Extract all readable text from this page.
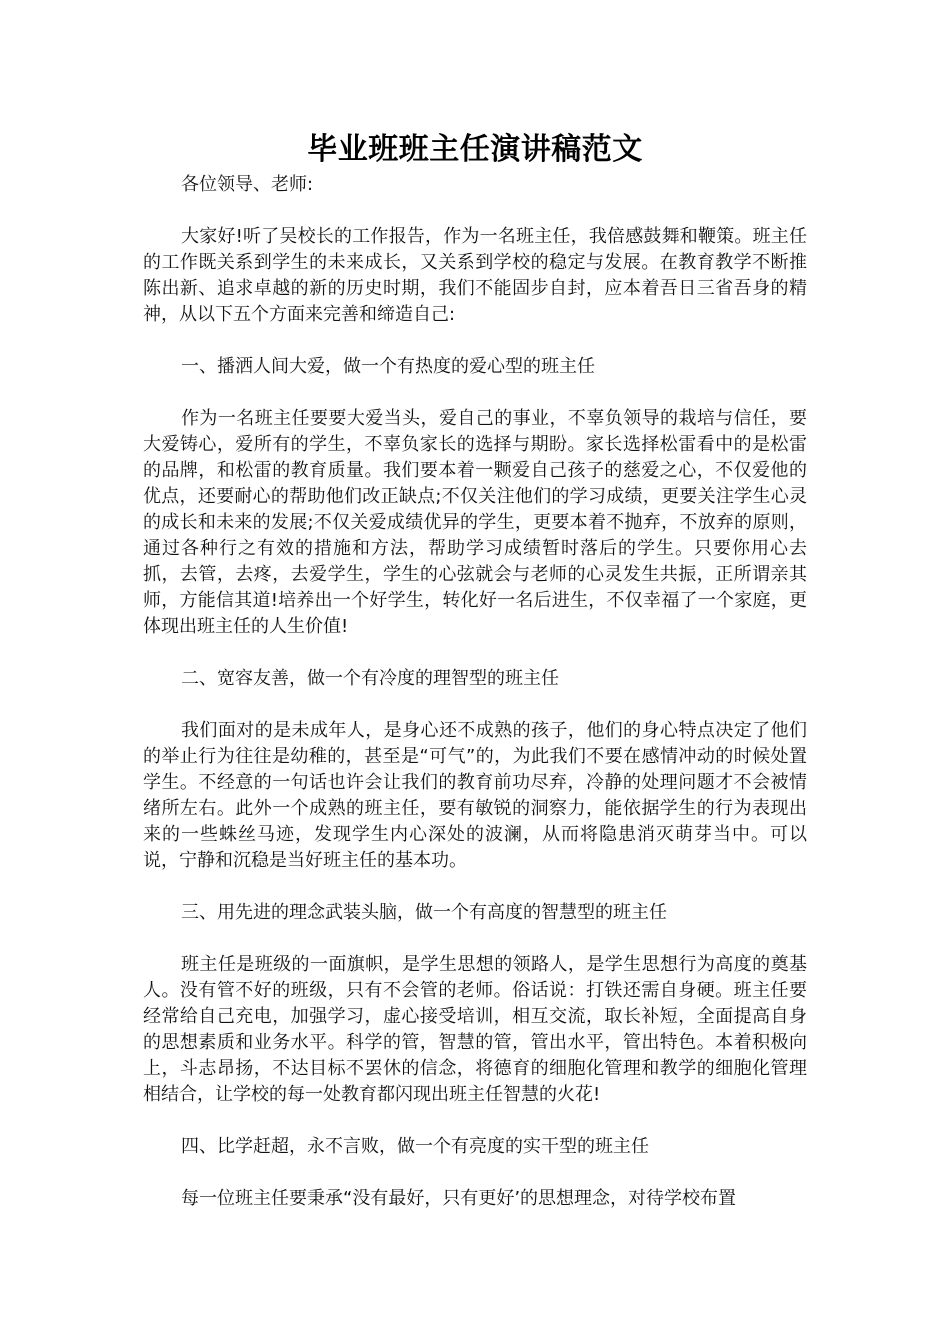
毕业班班主任演讲稿范文

各位领导、老师:

大家好!听了吴校长的工作报告，作为一名班主任，我倍感鼓舞和鞭策。班主任的工作既关系到学生的未来成长，又关系到学校的稳定与发展。在教育教学不断推陈出新、追求卓越的新的历史时期，我们不能固步自封，应本着吾日三省吾身的精神，从以下五个方面来完善和缔造自己:

一、播洒人间大爱，做一个有热度的爱心型的班主任

作为一名班主任要要大爱当头，爱自己的事业，不辜负领导的栽培与信任，要大爱铸心，爱所有的学生，不辜负家长的选择与期盼。家长选择松雷看中的是松雷的品牌，和松雷的教育质量。我们要本着一颗爱自己孩子的慈爱之心，不仅爱他的优点，还要耐心的帮助他们改正缺点;不仅关注他们的学习成绩，更要关注学生心灵的成长和未来的发展;不仅关爱成绩优异的学生，更要本着不抛弃，不放弃的原则，通过各种行之有效的措施和方法，帮助学习成绩暂时落后的学生。只要你用心去抓，去管，去疼，去爱学生，学生的心弦就会与老师的心灵发生共振，正所谓亲其师，方能信其道!培养出一个好学生，转化好一名后进生，不仅幸福了一个家庭，更体现出班主任的人生价值!

二、宽容友善，做一个有冷度的理智型的班主任

我们面对的是未成年人，是身心还不成熟的孩子，他们的身心特点决定了他们的举止行为往往是幼稚的，甚至是“可气”的，为此我们不要在感情冲动的时候处置学生。不经意的一句话也许会让我们的教育前功尽弃，冷静的处理问题才不会被情绪所左右。此外一个成熟的班主任，要有敏锐的洞察力，能依据学生的行为表现出来的一些蛛丝马迹，发现学生内心深处的波澜，从而将隐患消灭萌芽当中。可以说，宁静和沉稳是当好班主任的基本功。

三、用先进的理念武装头脑，做一个有高度的智慧型的班主任

班主任是班级的一面旗帜，是学生思想的领路人，是学生思想行为高度的奠基人。没有管不好的班级，只有不会管的老师。俗话说：打铁还需自身硬。班主任要经常给自己充电，加强学习，虚心接受培训，相互交流，取长补短，全面提高自身的思想素质和业务水平。科学的管，智慧的管，管出水平，管出特色。本着积极向上，斗志昂扬，不达目标不罢休的信念，将德育的细胞化管理和教学的细胞化管理相结合，让学校的每一处教育都闪现出班主任智慧的火花!

四、比学赶超，永不言败，做一个有亮度的实干型的班主任

每一位班主任要秉承“没有最好，只有更好’的思想理念，对待学校布置
